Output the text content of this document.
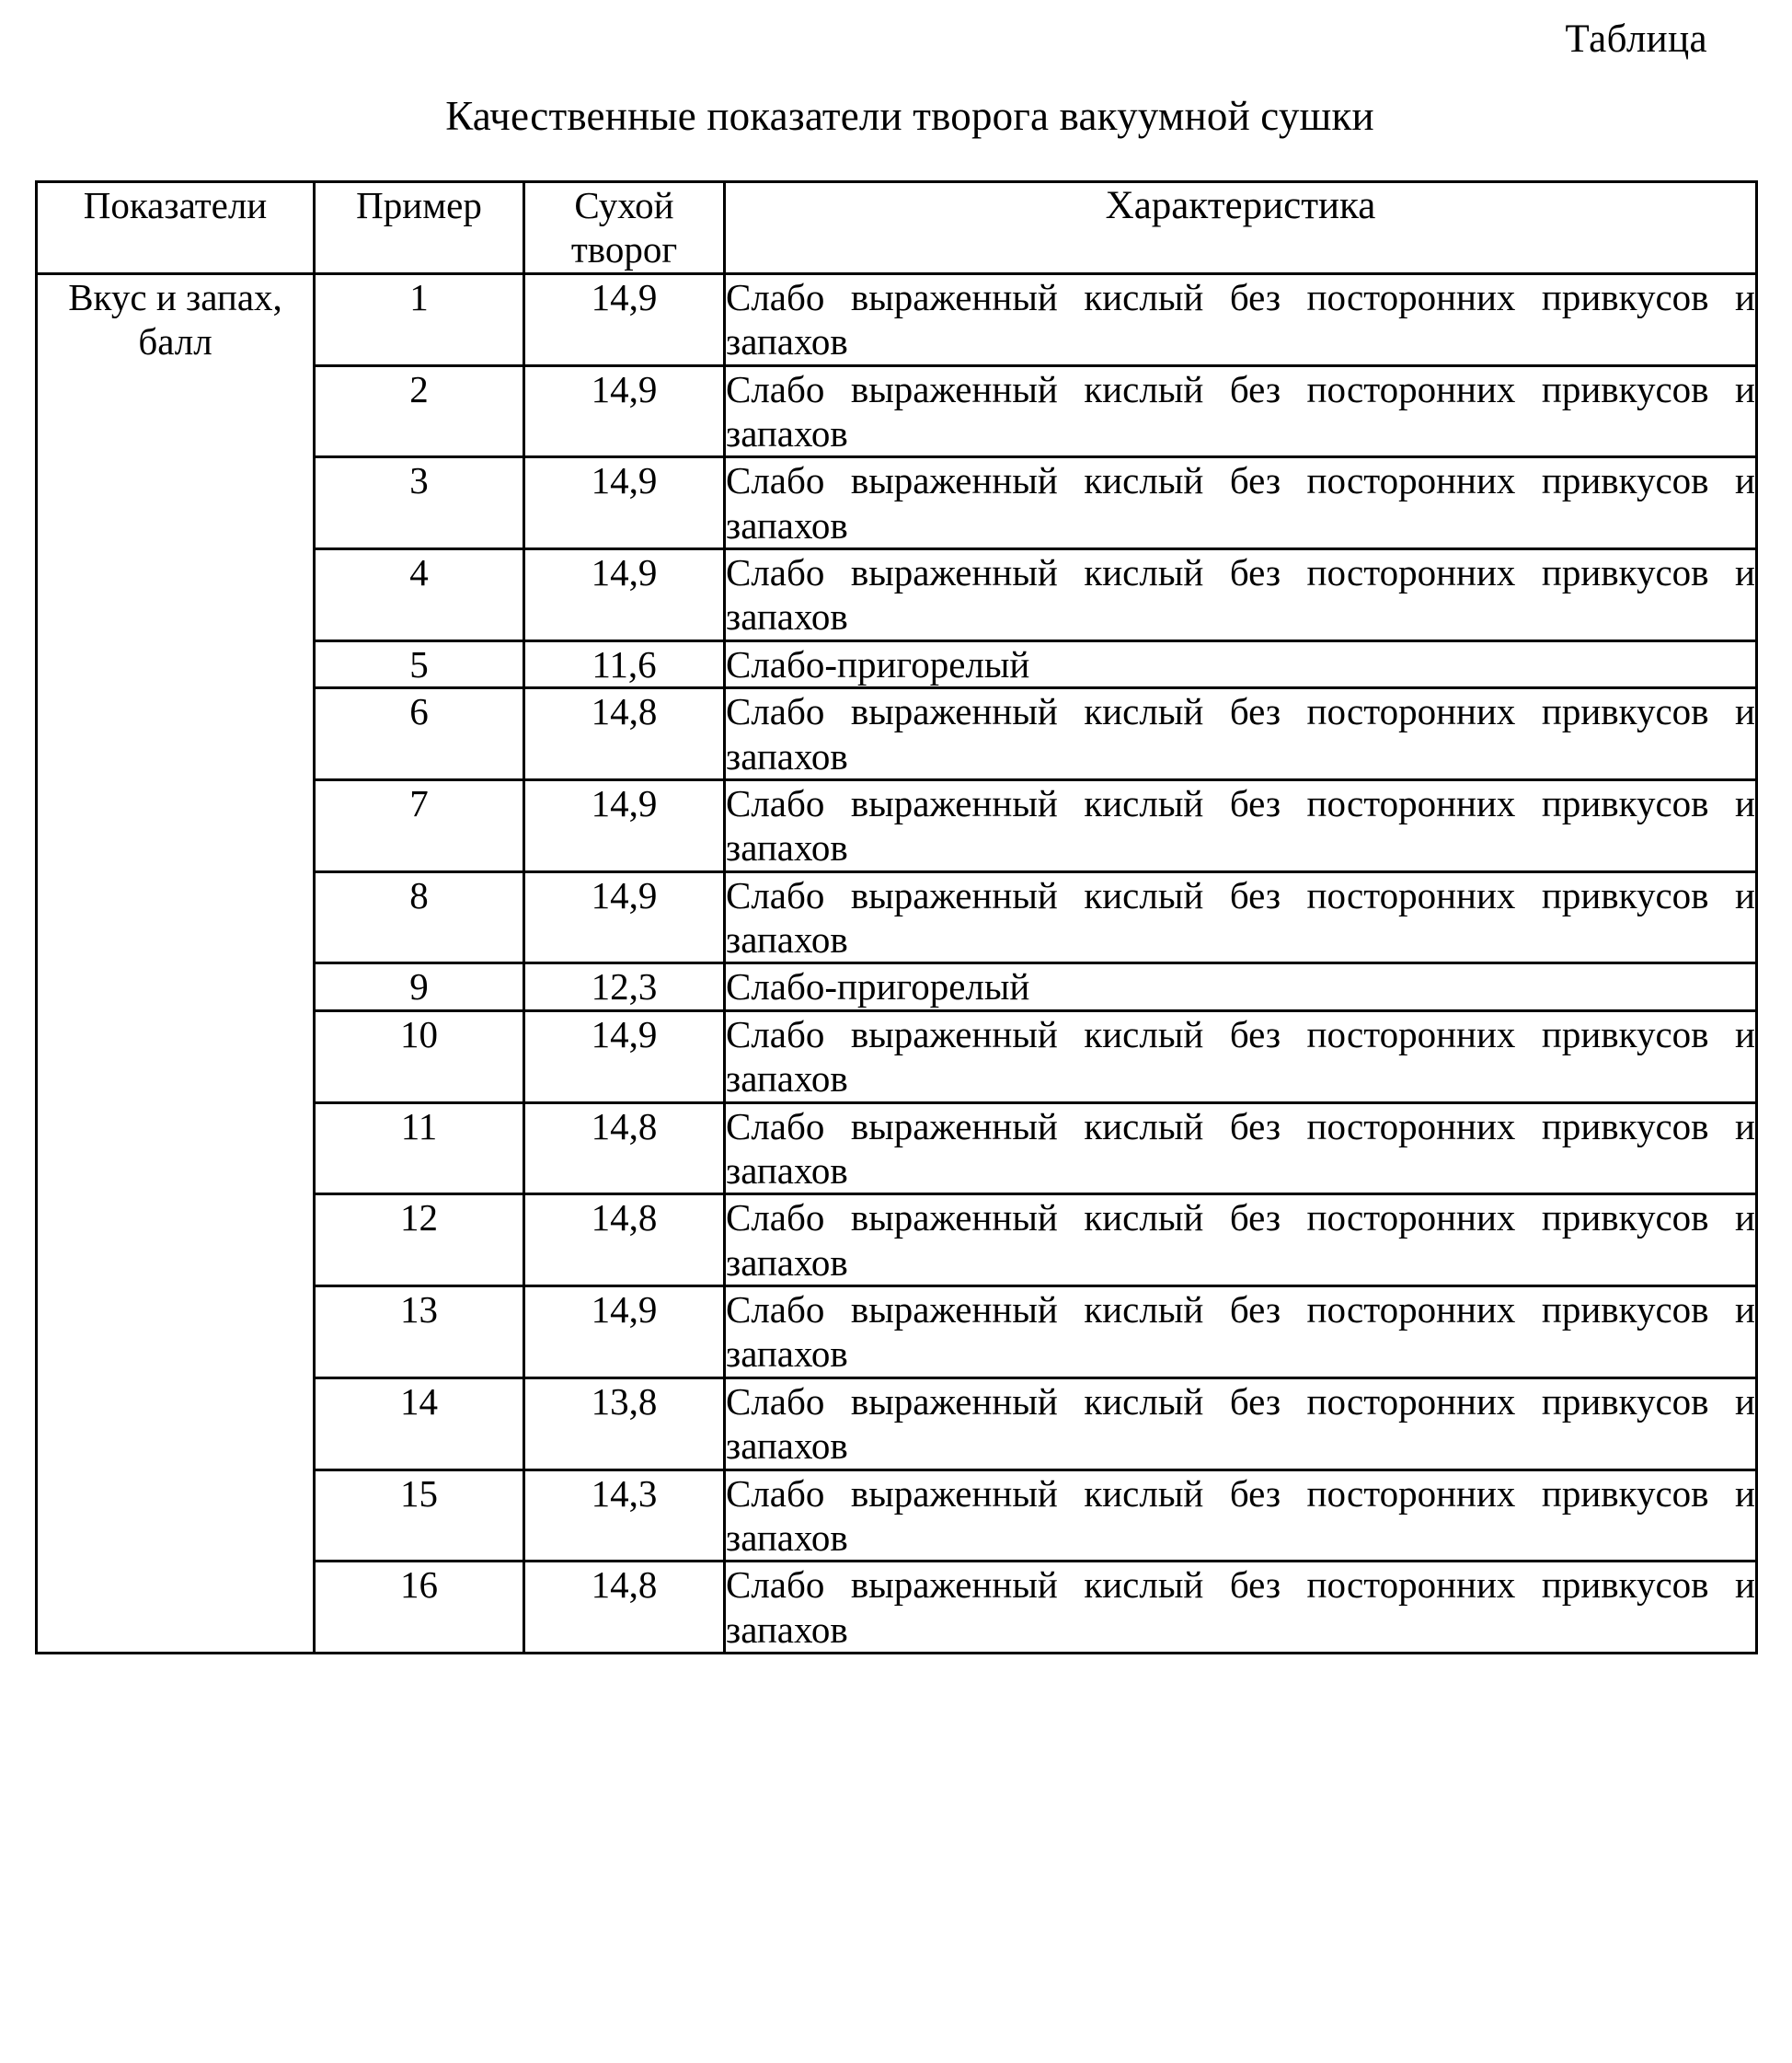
Таблица
Качественные показатели творога вакуумной сушки
Показатели	Пример	Сухой творог	Характеристика
Вкус и запах, балл	1	14,9	Слабо выраженный кислый без посторонних привкусов и запахов
	2	14,9	Слабо выраженный кислый без посторонних привкусов и запахов
	3	14,9	Слабо выраженный кислый без посторонних привкусов и запахов
	4	14,9	Слабо выраженный кислый без посторонних привкусов и запахов
	5	11,6	Слабо-пригорелый
	6	14,8	Слабо выраженный кислый без посторонних привкусов и запахов
	7	14,9	Слабо выраженный кислый без посторонних привкусов и запахов
	8	14,9	Слабо выраженный кислый без посторонних привкусов и запахов
	9	12,3	Слабо-пригорелый
	10	14,9	Слабо выраженный кислый без посторонних привкусов и запахов
	11	14,8	Слабо выраженный кислый без посторонних привкусов и запахов
	12	14,8	Слабо выраженный кислый без посторонних привкусов и запахов
	13	14,9	Слабо выраженный кислый без посторонних привкусов и запахов
	14	13,8	Слабо выраженный кислый без посторонних привкусов и запахов
	15	14,3	Слабо выраженный кислый без посторонних привкусов и запахов
	16	14,8	Слабо выраженный кислый без посторонних привкусов и запахов
